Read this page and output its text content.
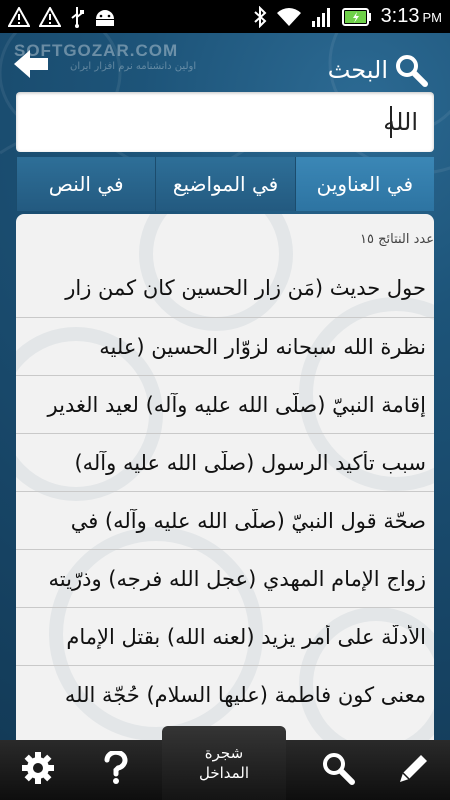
3:13 PM
SOFTGOZAR.COM
اولین دانشنامه نرم افزار ایران	البحث
الله
في العناوين
في المواضيع
في النص
عدد النتائج ١٥
حول حديث (مَن زار الحسين كان كمن زار
نظرة الله سبحانه لزوّار الحسين (عليه
إقامة النبيّ (صلّى الله عليه وآله) لعيد الغدير
سبب تأكيد الرسول (صلّى الله عليه وآله)
صحّة قول النبيّ (صلّى الله عليه وآله) في
زواج الإمام المهدي (عجل الله فرجه) وذرّيته
الأدلّة على أمر يزيد (لعنه الله) بقتل الإمام
معنى كون فاطمة (عليها السلام) حُجّة الله
شجرة
المداخل
